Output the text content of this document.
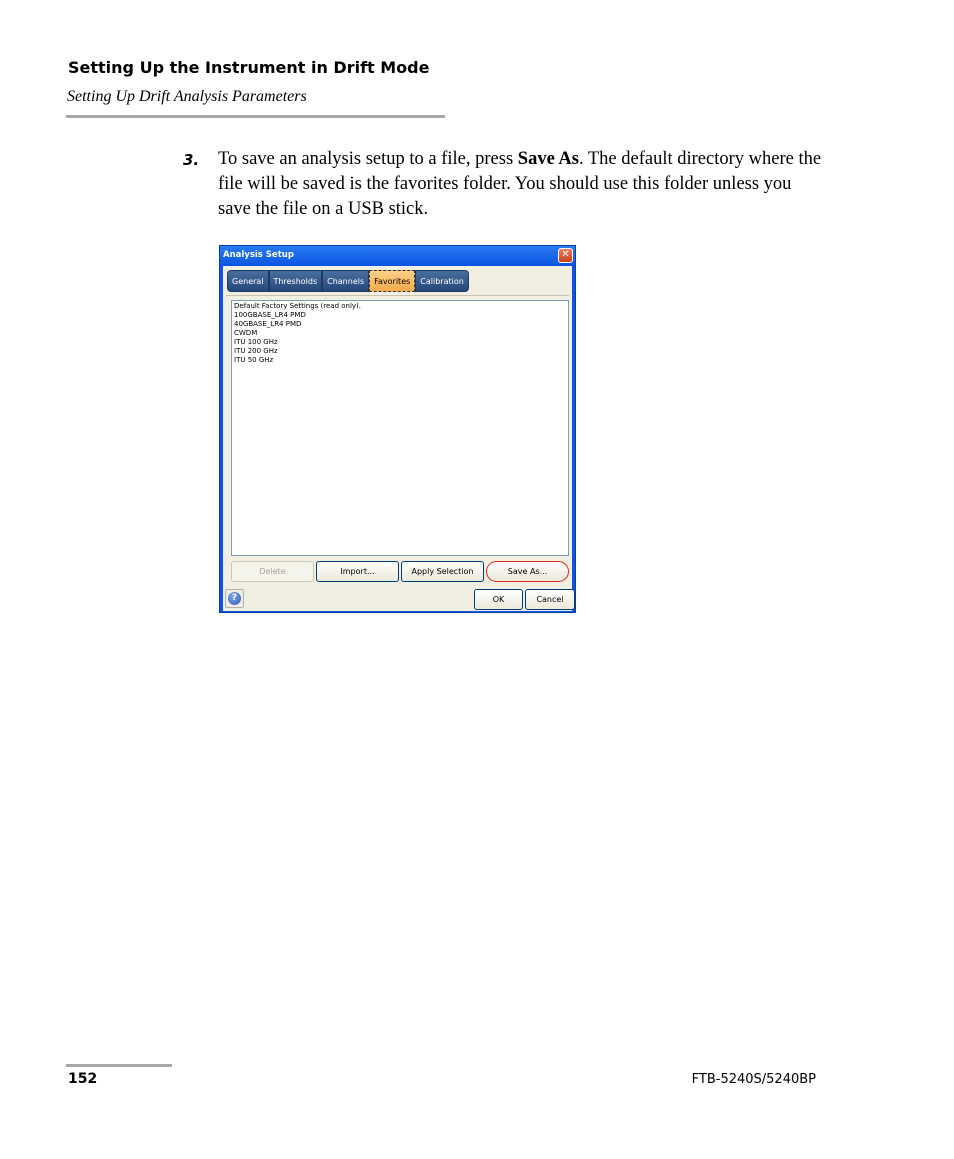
Setting Up the Instrument in Drift Mode
Setting Up Drift Analysis Parameters
3. To save an analysis setup to a file, press Save As. The default directory where the file will be saved is the favorites folder. You should use this folder unless you save the file on a USB stick.
Analysis Setup	✕
General	Thresholds	Channels	Favorites	Calibration
Default Factory Settings (read only).
100GBASE_LR4 PMD
40GBASE_LR4 PMD
CWDM
ITU 100 GHz
ITU 200 GHz
ITU 50 GHz
Delete	Import...	Apply Selection	Save As...
?	OK	Cancel
152	FTB-5240S/5240BP
